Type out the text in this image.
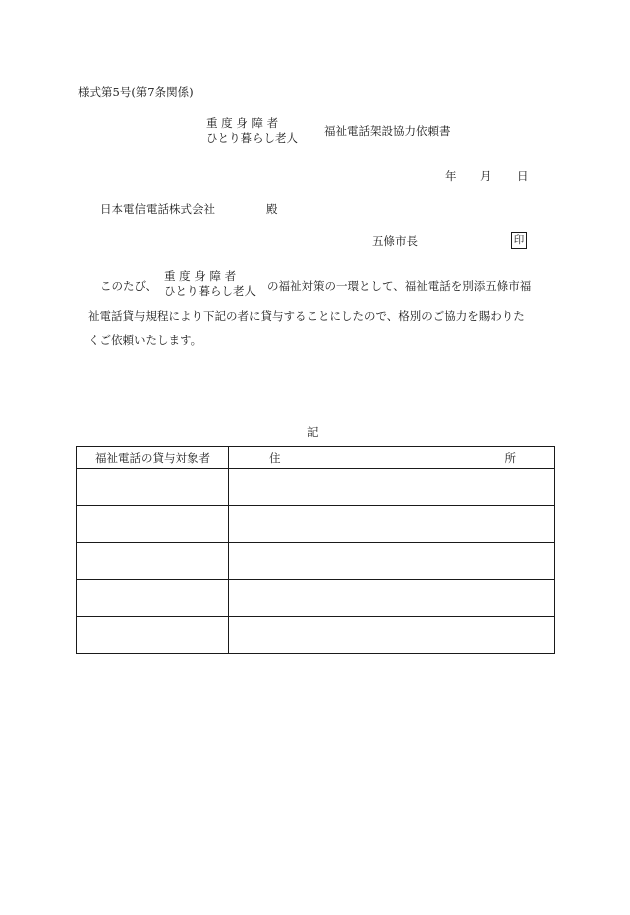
様式第5号(第7条関係)
重 度 身 障 者
ひとり暮らし老人 福祉電話架設協力依頼書
年 月 日
日本電信電話株式会社	殿
五條市長	印
このたび、
重 度 身 障 者
ひとり暮らし老人 の福祉対策の一環として、福祉電話を別添五條市福
祉電話貸与規程により下記の者に貸与することにしたので、格別のご協力を賜わりた
くご依頼いたします。
記
福祉電話の貸与対象者	住 所
